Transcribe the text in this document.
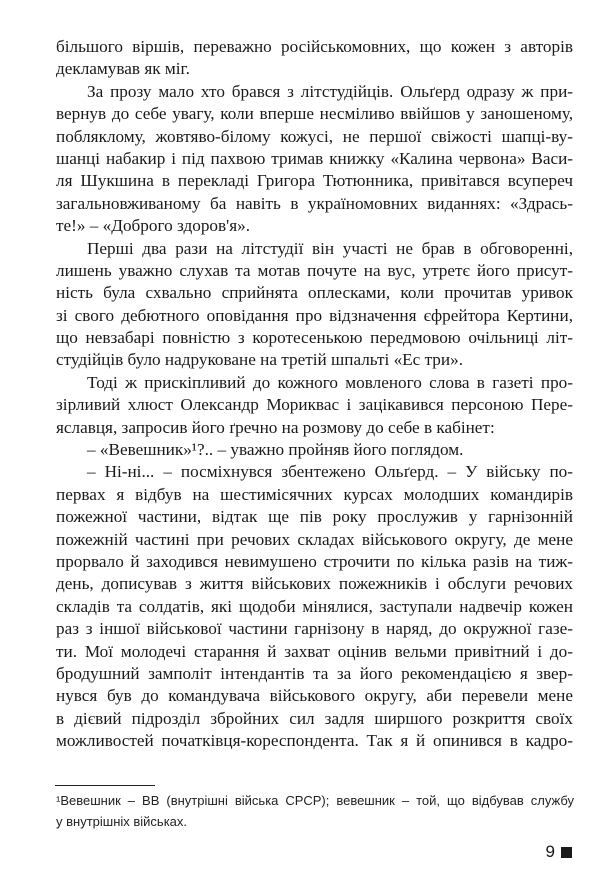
більшого віршів, переважно російськомовних, що кожен з авторів
декламував як міг.
За прозу мало хто брався з літстудійців. Ольґерд одразу ж при-
вернув до себе увагу, коли вперше несміливо ввійшов у заношеному,
побляклому, жовтяво-білому кожусі, не першої свіжості шапці-ву-
шанці набакир і під пахвою тримав книжку «Калина червона» Васи-
ля Шукшина в перекладі Григора Тютюнника, привітався всупереч
загальновживаному ба навіть в україномовних виданнях: «Здрась-
те!» – «Доброго здоров'я».
Перші два рази на літстудії він участі не брав в обговоренні,
лишень уважно слухав та мотав почуте на вус, утретє його присут-
ність була схвально сприйнята оплесками, коли прочитав уривок
зі свого дебютного оповідання про відзначення єфрейтора Кертини,
що невзабарі повністю з коротесенькою передмовою очільниці літ-
студійців було надруковане на третій шпальті «Ес три».
Тоді ж прискіпливий до кожного мовленого слова в газеті про-
зірливий хлюст Олександр Мориквас і зацікавився персоною Пере-
яславця, запросив його ґречно на розмову до себе в кабінет:
– «Вевешник»¹?.. – уважно пройняв його поглядом.
– Ні-ні... – посміхнувся збентежено Ольґерд. – У війську по-
первах я відбув на шестимісячних курсах молодших командирів
пожежної частини, відтак ще пів року прослужив у гарнізонній
пожежній частині при речових складах військового округу, де мене
прорвало й заходився невимушено строчити по кілька разів на тиж-
день, дописував з життя військових пожежників і обслуги речових
складів та солдатів, які щодоби мінялися, заступали надвечір кожен
раз з іншої військової частини гарнізону в наряд, до окружної газе-
ти. Мої молодечі старання й захват оцінив вельми привітний і до-
бродушний замполіт інтендантів та за його рекомендацією я звер-
нувся був до командувача військового округу, аби перевели мене
в дієвий підрозділ збройних сил задля ширшого розкриття своїх
можливостей початківця-кореспондента. Так я й опинився в кадро-
¹Вевешник – ВВ (внутрішні війська СРСР); вевешник – той, що відбував службу
у внутрішніх військах.
9
